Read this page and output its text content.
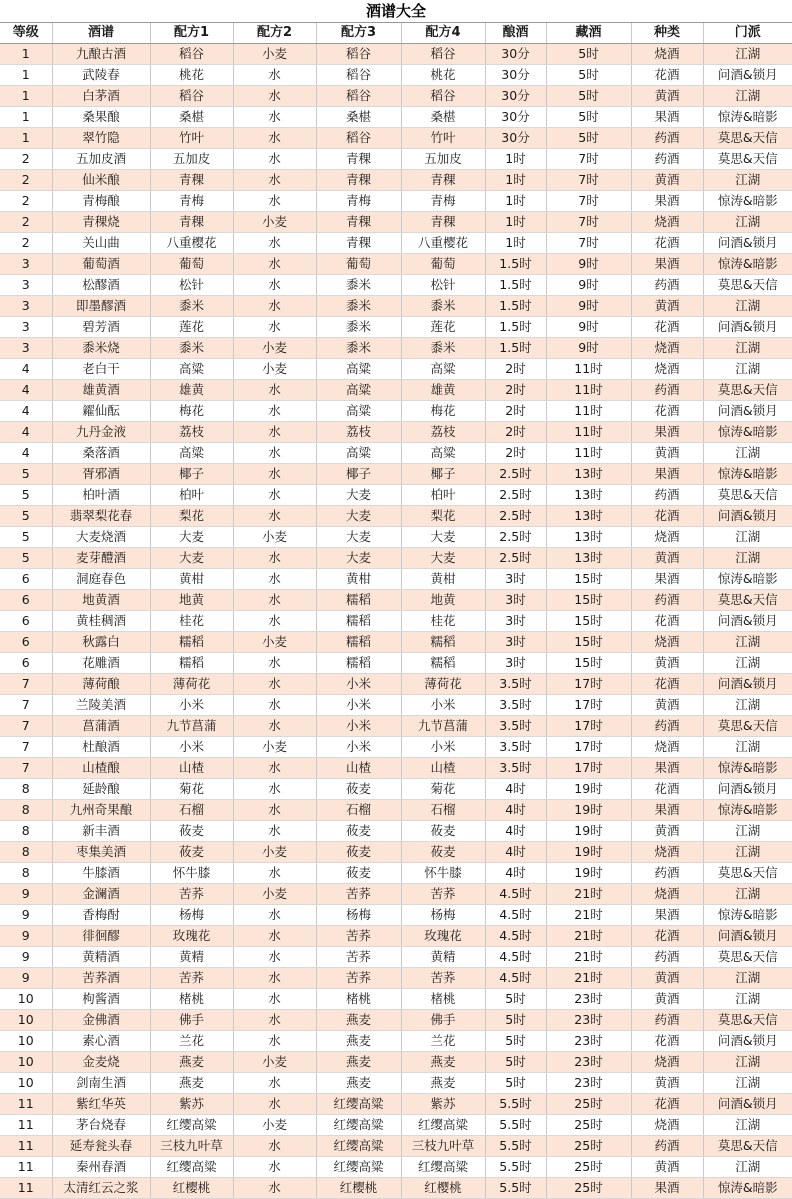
酒谱大全
等级	酒谱	配方1	配方2	配方3	配方4	酿酒	藏酒	种类	门派
1	九酿古酒	稻谷	小麦	稻谷	稻谷	30分	5时	烧酒	江湖
1	武陵春	桃花	水	稻谷	桃花	30分	5时	花酒	问酒&锁月
1	白茅酒	稻谷	水	稻谷	稻谷	30分	5时	黄酒	江湖
1	桑果酿	桑椹	水	桑椹	桑椹	30分	5时	果酒	惊涛&暗影
1	翠竹隐	竹叶	水	稻谷	竹叶	30分	5时	药酒	莫思&天信
2	五加皮酒	五加皮	水	青稞	五加皮	1时	7时	药酒	莫思&天信
2	仙米酿	青稞	水	青稞	青稞	1时	7时	黄酒	江湖
2	青梅酿	青梅	水	青梅	青梅	1时	7时	果酒	惊涛&暗影
2	青稞烧	青稞	小麦	青稞	青稞	1时	7时	烧酒	江湖
2	关山曲	八重樱花	水	青稞	八重樱花	1时	7时	花酒	问酒&锁月
3	葡萄酒	葡萄	水	葡萄	葡萄	1.5时	9时	果酒	惊涛&暗影
3	松醪酒	松针	水	黍米	松针	1.5时	9时	药酒	莫思&天信
3	即墨醪酒	黍米	水	黍米	黍米	1.5时	9时	黄酒	江湖
3	碧芳酒	莲花	水	黍米	莲花	1.5时	9时	花酒	问酒&锁月
3	黍米烧	黍米	小麦	黍米	黍米	1.5时	9时	烧酒	江湖
4	老白干	高粱	小麦	高粱	高粱	2时	11时	烧酒	江湖
4	雄黄酒	雄黄	水	高粱	雄黄	2时	11时	药酒	莫思&天信
4	糴仙酝	梅花	水	高粱	梅花	2时	11时	花酒	问酒&锁月
4	九丹金液	荔枝	水	荔枝	荔枝	2时	11时	果酒	惊涛&暗影
4	桑落酒	高粱	水	高粱	高粱	2时	11时	黄酒	江湖
5	胥邪酒	椰子	水	椰子	椰子	2.5时	13时	果酒	惊涛&暗影
5	柏叶酒	柏叶	水	大麦	柏叶	2.5时	13时	药酒	莫思&天信
5	翡翠梨花春	梨花	水	大麦	梨花	2.5时	13时	花酒	问酒&锁月
5	大麦烧酒	大麦	小麦	大麦	大麦	2.5时	13时	烧酒	江湖
5	麦芽醴酒	大麦	水	大麦	大麦	2.5时	13时	黄酒	江湖
6	洞庭春色	黄柑	水	黄柑	黄柑	3时	15时	果酒	惊涛&暗影
6	地黄酒	地黄	水	糯稻	地黄	3时	15时	药酒	莫思&天信
6	黄桂稠酒	桂花	水	糯稻	桂花	3时	15时	花酒	问酒&锁月
6	秋露白	糯稻	小麦	糯稻	糯稻	3时	15时	烧酒	江湖
6	花雕酒	糯稻	水	糯稻	糯稻	3时	15时	黄酒	江湖
7	薄荷酿	薄荷花	水	小米	薄荷花	3.5时	17时	花酒	问酒&锁月
7	兰陵美酒	小米	水	小米	小米	3.5时	17时	黄酒	江湖
7	菖蒲酒	九节菖蒲	水	小米	九节菖蒲	3.5时	17时	药酒	莫思&天信
7	杜酿酒	小米	小麦	小米	小米	3.5时	17时	烧酒	江湖
7	山楂酿	山楂	水	山楂	山楂	3.5时	17时	果酒	惊涛&暗影
8	延龄酿	菊花	水	莜麦	菊花	4时	19时	花酒	问酒&锁月
8	九州奇果酿	石榴	水	石榴	石榴	4时	19时	果酒	惊涛&暗影
8	新丰酒	莜麦	水	莜麦	莜麦	4时	19时	黄酒	江湖
8	枣集美酒	莜麦	小麦	莜麦	莜麦	4时	19时	烧酒	江湖
8	牛膝酒	怀牛膝	水	莜麦	怀牛膝	4时	19时	药酒	莫思&天信
9	金澜酒	苦荞	小麦	苦荞	苦荞	4.5时	21时	烧酒	江湖
9	香梅酎	杨梅	水	杨梅	杨梅	4.5时	21时	果酒	惊涛&暗影
9	徘徊醪	玫瑰花	水	苦荞	玫瑰花	4.5时	21时	花酒	问酒&锁月
9	黄精酒	黄精	水	苦荞	黄精	4.5时	21时	药酒	莫思&天信
9	苦荞酒	苦荞	水	苦荞	苦荞	4.5时	21时	黄酒	江湖
10	枸酱酒	楮桃	水	楮桃	楮桃	5时	23时	黄酒	江湖
10	金佛酒	佛手	水	燕麦	佛手	5时	23时	药酒	莫思&天信
10	素心酒	兰花	水	燕麦	兰花	5时	23时	花酒	问酒&锁月
10	金麦烧	燕麦	小麦	燕麦	燕麦	5时	23时	烧酒	江湖
10	剑南生酒	燕麦	水	燕麦	燕麦	5时	23时	黄酒	江湖
11	紫红华英	紫苏	水	红缨高粱	紫苏	5.5时	25时	花酒	问酒&锁月
11	茅台烧春	红缨高粱	小麦	红缨高粱	红缨高粱	5.5时	25时	烧酒	江湖
11	延寿瓮头春	三枝九叶草	水	红缨高粱	三枝九叶草	5.5时	25时	药酒	莫思&天信
11	秦州春酒	红缨高粱	水	红缨高粱	红缨高粱	5.5时	25时	黄酒	江湖
11	太清红云之浆	红樱桃	水	红樱桃	红樱桃	5.5时	25时	果酒	惊涛&暗影
